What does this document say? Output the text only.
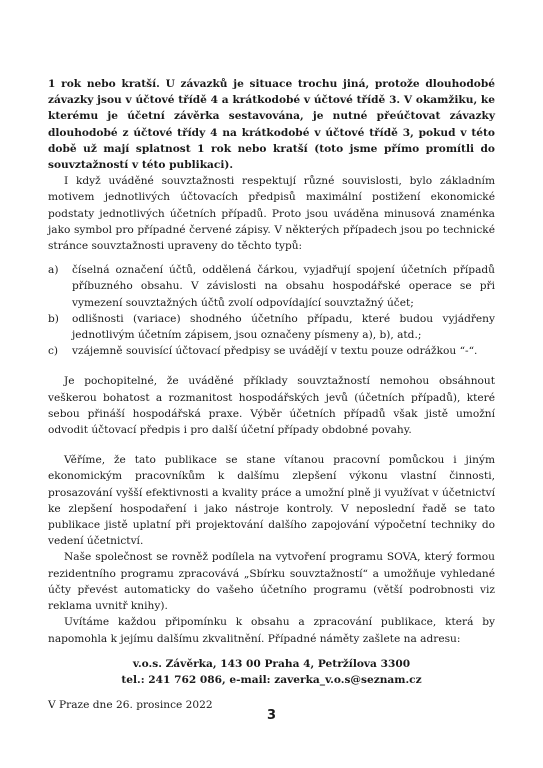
1 rok nebo kratší. U závazků je situace trochu jiná, protože dlouhodobé závazky jsou v účtové třídě 4 a krátkodobé v účtové třídě 3. V okamžiku, ke kterému je účetní závěrka sestavována, je nutné přeúčtovat závazky dlouhodobé z účtové třídy 4 na krátkodobé v účtové třídě 3, pokud v této době už mají splatnost 1 rok nebo kratší (toto jsme přímo promítli do souvztažností v této publikaci).

I když uváděné souvztažnosti respektují různé souvislosti, bylo základním motivem jednotlivých účtovacích předpisů maximální postižení ekonomické podstaty jednotlivých účetních případů. Proto jsou uváděna minusová znaménka jako symbol pro případné červené zápisy. V některých případech jsou po technické stránce souvztažnosti upraveny do těchto typů:

a)	číselná označení účtů, oddělená čárkou, vyjadřují spojení účetních případů příbuzného obsahu. V závislosti na obsahu hospodářské operace se při vymezení souvztažných účtů zvolí odpovídající souvztažný účet;
b)	odlišnosti (variace) shodného účetního případu, které budou vyjádřeny jednotlivým účetním zápisem, jsou označeny písmeny a), b), atd.;
c)	vzájemně souvisící účtovací předpisy se uvádějí v textu pouze odrážkou “-“.

Je pochopitelné, že uváděné příklady souvztažností nemohou obsáhnout veškerou bohatost a rozmanitost hospodářských jevů (účetních případů), které sebou přináší hospodářská praxe. Výběr účetních případů však jistě umožní odvodit účtovací předpis i pro další účetní případy obdobné povahy.

Věříme, že tato publikace se stane vítanou pracovní pomůckou i jiným ekonomickým pracovníkům k dalšímu zlepšení výkonu vlastní činnosti, prosazování vyšší efektivnosti a kvality práce a umožní plně ji využívat v účetnictví ke zlepšení hospodaření i jako nástroje kontroly. V neposlední řadě se tato publikace jistě uplatní při projektování dalšího zapojování výpočetní techniky do vedení účetnictví.

Naše společnost se rovněž podílela na vytvoření programu SOVA, který formou rezidentního programu zpracovává „Sbírku souvztažností“ a umožňuje vyhledané účty převést automaticky do vašeho účetního programu (větší podrobnosti viz reklama uvnitř knihy).

Uvítáme každou připomínku k obsahu a zpracování publikace, která by napomohla k jejímu dalšímu zkvalitnění. Případné náměty zašlete na adresu:

v.o.s. Závěrka, 143 00 Praha 4, Petržílova 3300

tel.: 241 762 086, e-mail: zaverka_v.o.s@seznam.cz

V Praze dne 26. prosince 2022

3
